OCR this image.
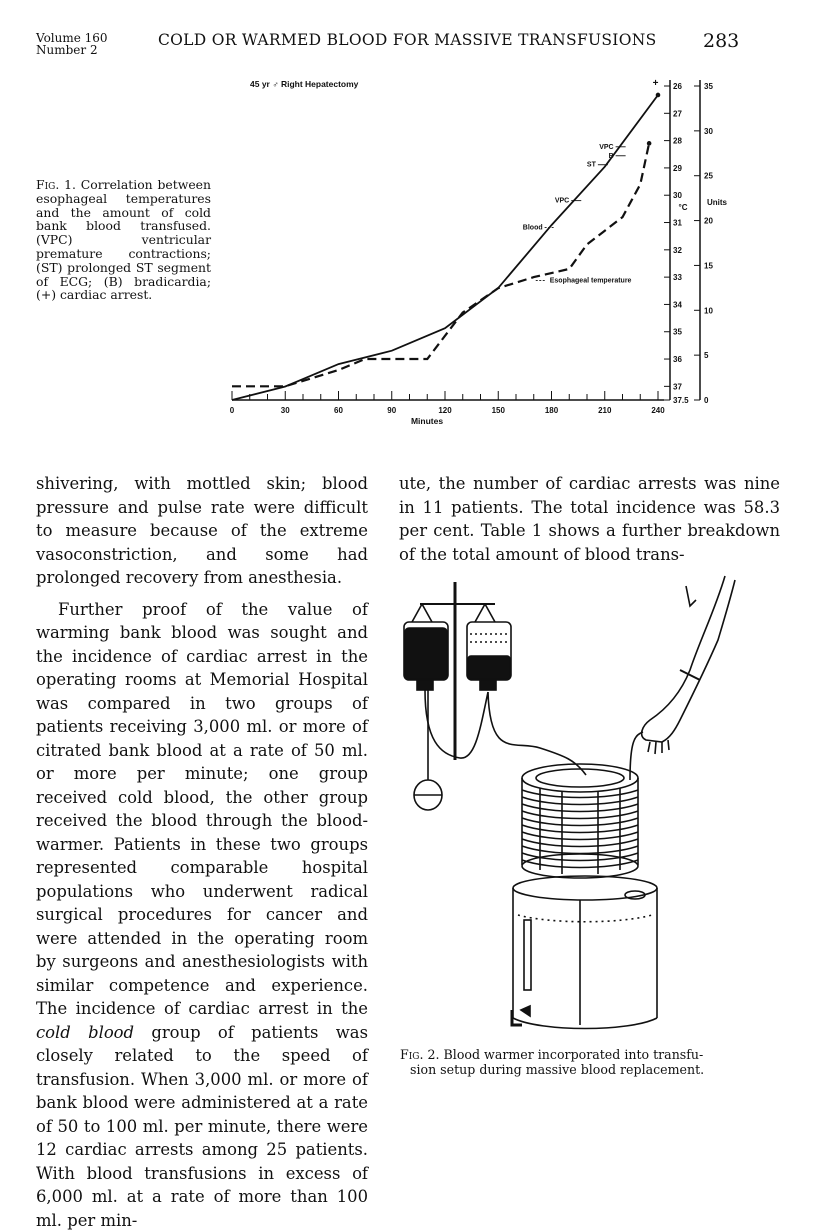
Volume 160
Number 2
COLD OR WARMED BLOOD FOR MASSIVE TRANSFUSIONS 283
Fig. 1. Correlation between esophageal temperatures and the amount of cold bank blood transfused. (VPC) ventricular premature contractions; (ST) prolonged ST segment of ECG; (B) bradicardia; (+) cardiac arrest.
45 yr ♂ Right Hepatectomy
0	30	60	90	120	150	180	210	240
26
27
28
29
30
31
32
33
34
35
36
37
37.5 0
5
10
15
20
25
30
35
+
VPC
B
ST
VPC
Blood
Esophageal temperature
Minutes
°C
Units

shivering, with mottled skin; blood pressure and pulse rate were difficult to measure because of the extreme vasoconstriction, and some had prolonged recovery from anesthesia.

Further proof of the value of warming bank blood was sought and the incidence of cardiac arrest in the operating rooms at Memorial Hospital was compared in two groups of patients receiving 3,000 ml. or more of citrated bank blood at a rate of 50 ml. or more per minute; one group received cold blood, the other group received the blood through the blood-warmer. Patients in these two groups represented comparable hospital populations who underwent radical surgical procedures for cancer and were attended in the operating room by surgeons and anesthesiologists with similar competence and experience. The incidence of cardiac arrest in the cold blood group of patients was closely related to the speed of transfusion. When 3,000 ml. or more of bank blood were administered at a rate of 50 to 100 ml. per minute, there were 12 cardiac arrests among 25 patients. With blood transfusions in excess of 6,000 ml. at a rate of more than 100 ml. per min-

ute, the number of cardiac arrests was nine in 11 patients. The total incidence was 58.3 per cent. Table 1 shows a further breakdown of the total amount of blood trans-

Fig. 2. Blood warmer incorporated into transfu-
sion setup during massive blood replacement.
